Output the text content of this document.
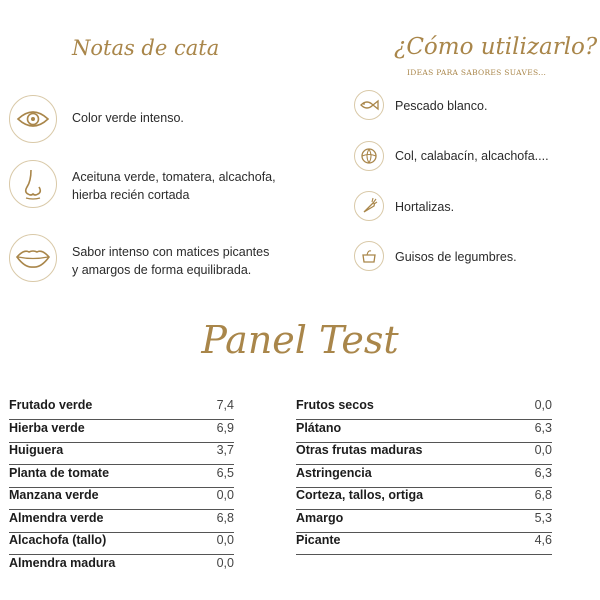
Notas de cata	¿Cómo utilizarlo?
IDEAS PARA SABORES SUAVES...
Color verde intenso.
Aceituna verde, tomatera, alcachofa,
hierba recién cortada
Sabor intenso con matices picantes
y amargos de forma equilibrada.
Pescado blanco.
Col, calabacín, alcachofa....
Hortalizas.
Guisos de legumbres.
Panel Test
Frutado verde	7,4
Hierba verde	6,9
Huiguera	3,7
Planta de tomate	6,5
Manzana verde	0,0
Almendra verde	6,8
Alcachofa (tallo)	0,0
Almendra madura	0,0
Frutos secos	0,0
Plátano	6,3
Otras frutas maduras	0,0
Astringencia	6,3
Corteza, tallos, ortiga	6,8
Amargo	5,3
Picante	4,6
